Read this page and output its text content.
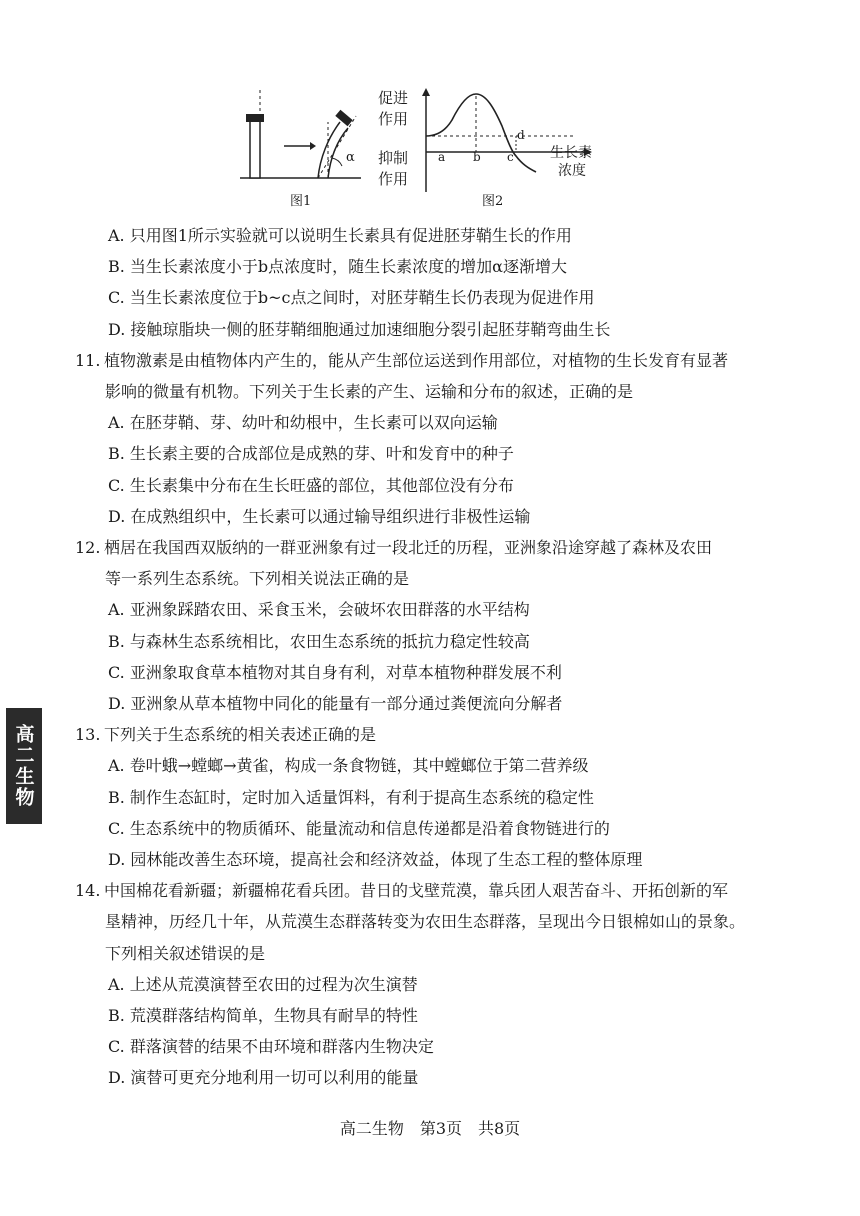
α
图1
促进
作用
抑制
作用
a b c
d
生长素
浓度
图2
A. 只用图1所示实验就可以说明生长素具有促进胚芽鞘生长的作用
B. 当生长素浓度小于b点浓度时，随生长素浓度的增加α逐渐增大
C. 当生长素浓度位于b~c点之间时，对胚芽鞘生长仍表现为促进作用
D. 接触琼脂块一侧的胚芽鞘细胞通过加速细胞分裂引起胚芽鞘弯曲生长
11. 植物激素是由植物体内产生的，能从产生部位运送到作用部位，对植物的生长发育有显著
影响的微量有机物。下列关于生长素的产生、运输和分布的叙述，正确的是
A. 在胚芽鞘、芽、幼叶和幼根中，生长素可以双向运输
B. 生长素主要的合成部位是成熟的芽、叶和发育中的种子
C. 生长素集中分布在生长旺盛的部位，其他部位没有分布
D. 在成熟组织中，生长素可以通过输导组织进行非极性运输
12. 栖居在我国西双版纳的一群亚洲象有过一段北迁的历程，亚洲象沿途穿越了森林及农田
等一系列生态系统。下列相关说法正确的是
A. 亚洲象踩踏农田、采食玉米，会破坏农田群落的水平结构
B. 与森林生态系统相比，农田生态系统的抵抗力稳定性较高
C. 亚洲象取食草本植物对其自身有利，对草本植物种群发展不利
D. 亚洲象从草本植物中同化的能量有一部分通过粪便流向分解者
13. 下列关于生态系统的相关表述正确的是
A. 卷叶蛾→螳螂→黄雀，构成一条食物链，其中螳螂位于第二营养级
B. 制作生态缸时，定时加入适量饵料，有利于提高生态系统的稳定性
C. 生态系统中的物质循环、能量流动和信息传递都是沿着食物链进行的
D. 园林能改善生态环境，提高社会和经济效益，体现了生态工程的整体原理
14. 中国棉花看新疆；新疆棉花看兵团。昔日的戈壁荒漠，靠兵团人艰苦奋斗、开拓创新的军
垦精神，历经几十年，从荒漠生态群落转变为农田生态群落，呈现出今日银棉如山的景象。
下列相关叙述错误的是
A. 上述从荒漠演替至农田的过程为次生演替
B. 荒漠群落结构简单，生物具有耐旱的特性
C. 群落演替的结果不由环境和群落内生物决定
D. 演替可更充分地利用一切可以利用的能量
高二生物
高二生物　第3页　共8页
